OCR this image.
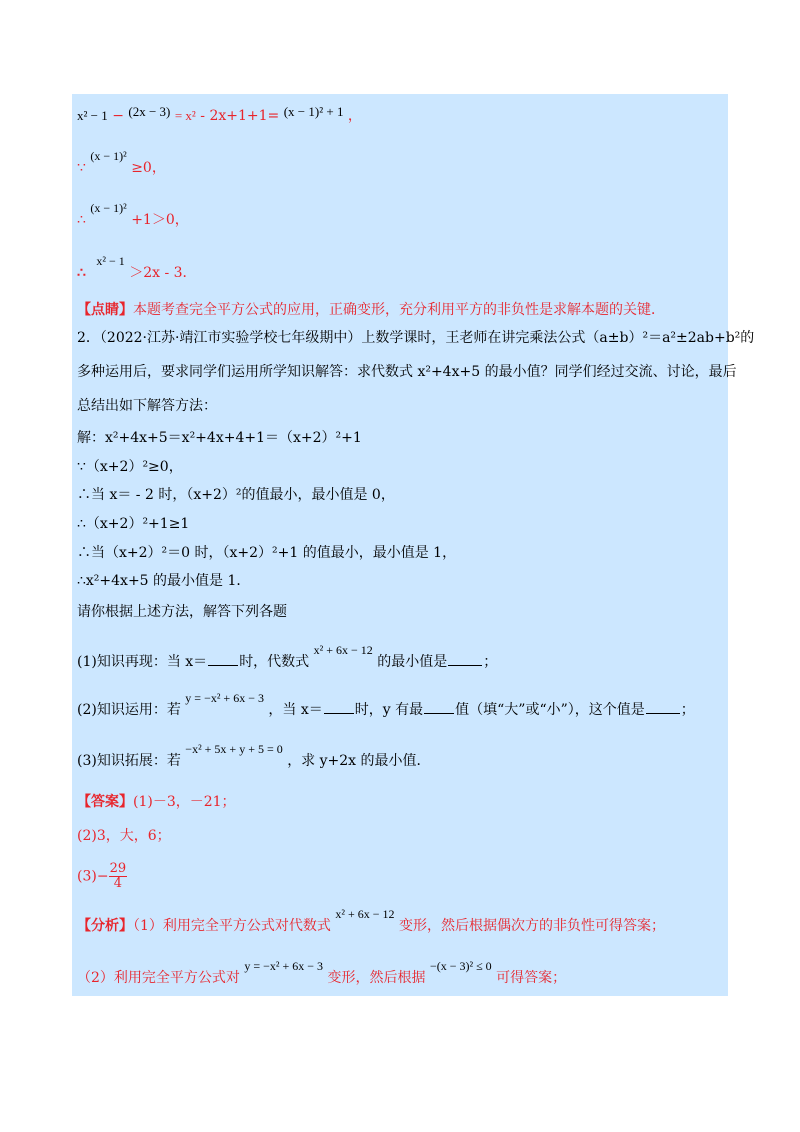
x² − 1 − (2x − 3) = x² - 2x+1+1= (x − 1)² + 1 ，
∵ (x − 1)² ≥0，
∴ (x − 1)² +1＞0，
∴ x² − 1 ＞2x - 3．
【点睛】本题考查完全平方公式的应用，正确变形，充分利用平方的非负性是求解本题的关键．
2．（2022·江苏·靖江市实验学校七年级期中）上数学课时，王老师在讲完乘法公式（a±b）²＝a²±2ab+b²的
多种运用后，要求同学们运用所学知识解答：求代数式 x²+4x+5 的最小值？同学们经过交流、讨论，最后
总结出如下解答方法：
解：x²+4x+5＝x²+4x+4+1＝（x+2）²+1
∵（x+2）²≥0，
∴当 x＝ - 2 时，（x+2）²的值最小，最小值是 0，
∴（x+2）²+1≥1
∴当（x+2）²＝0 时，（x+2）²+1 的值最小，最小值是 1，
∴x²+4x+5 的最小值是 1．
请你根据上述方法，解答下列各题
(1)知识再现：当 x＝ 时，代数式 x² + 6x − 12 的最小值是	；
(2)知识运用：若 y = −x² + 6x − 3 ，当 x＝ 时，y 有最 值（填“大”或“小”），这个值是	；
(3)知识拓展：若 −x² + 5x + y + 5 = 0 ，求 y+2x 的最小值．
【答案】(1)－3，－21；
(2)3，大，6；
$(3)- \frac{29}{4}$
【分析】（1）利用完全平方公式对代数式 x² + 6x − 12 变形，然后根据偶次方的非负性可得答案；
（2）利用完全平方公式对 y = −x² + 6x − 3 变形，然后根据 −(x − 3)² ≤ 0 可得答案；
